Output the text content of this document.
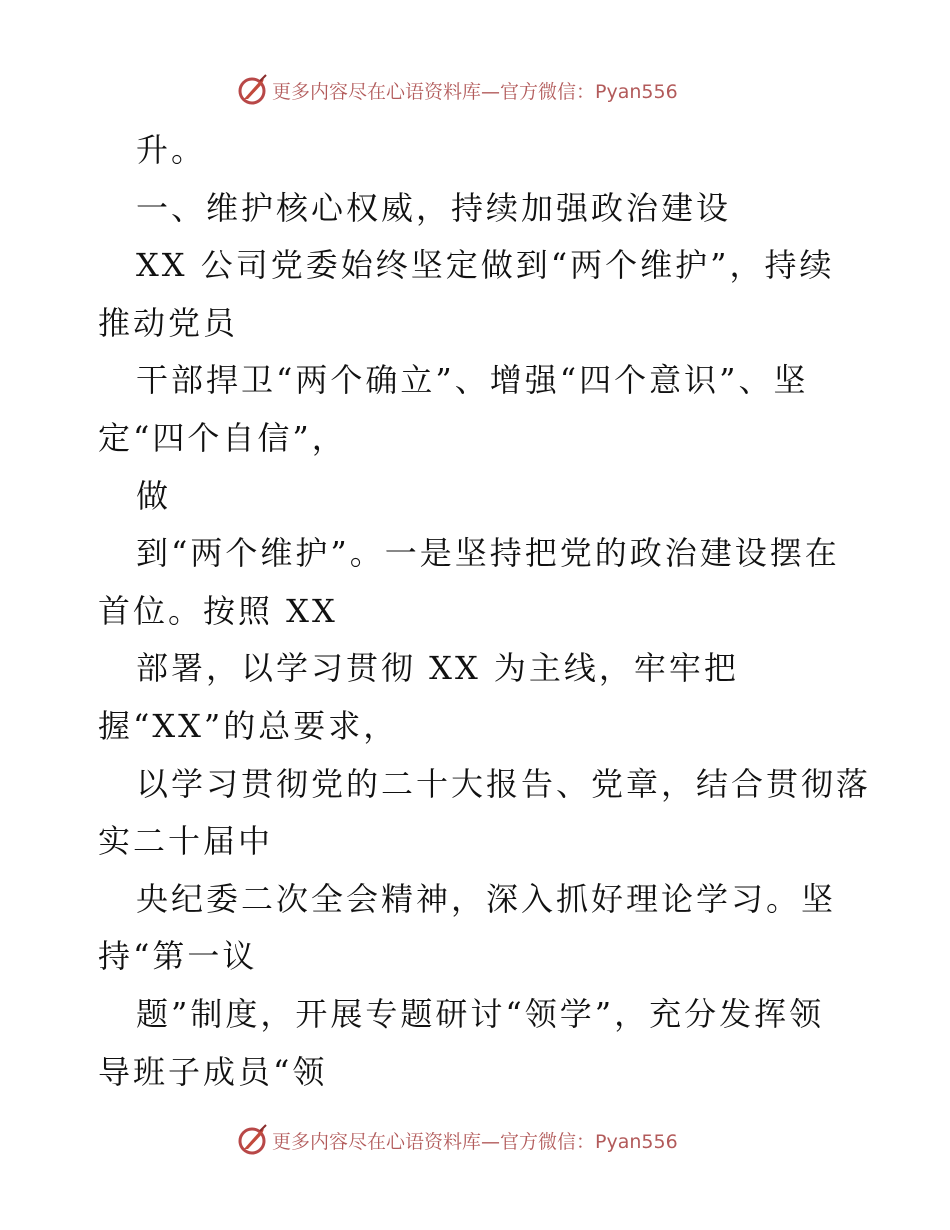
更多内容尽在心语资料库—官方微信：Pyan556
升。
一、维护核心权威，持续加强政治建设
XX 公司党委始终坚定做到“两个维护”，持续
推动党员
干部捍卫“两个确立”、增强“四个意识”、坚
定“四个自信”，
做
到“两个维护”。一是坚持把党的政治建设摆在
首位。按照 XX
部署，以学习贯彻 XX 为主线，牢牢把
握“XX”的总要求，
以学习贯彻党的二十大报告、党章，结合贯彻落
实二十届中
央纪委二次全会精神，深入抓好理论学习。坚
持“第一议
题”制度，开展专题研讨“领学”，充分发挥领
导班子成员“领
更多内容尽在心语资料库—官方微信：Pyan556
